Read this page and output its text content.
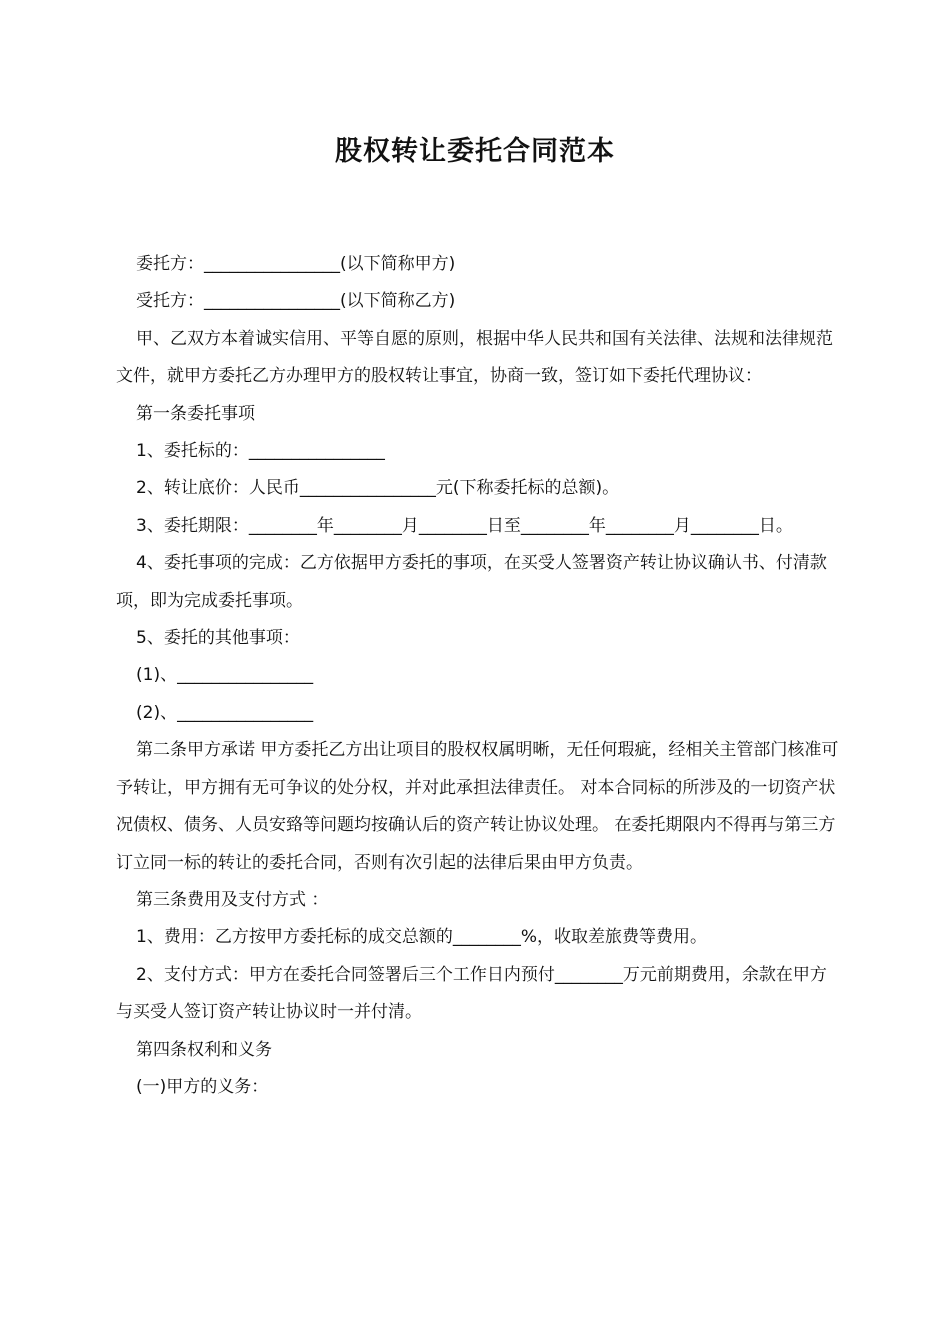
股权转让委托合同范本

委托方：________________(以下简称甲方)

受托方：________________(以下简称乙方)

甲、乙双方本着诚实信用、平等自愿的原则，根据中华人民共和国有关法律、法规和法律规范文件，就甲方委托乙方办理甲方的股权转让事宜，协商一致，签订如下委托代理协议：

第一条委托事项

1、委托标的：________________

2、转让底价：人民币________________元(下称委托标的总额)。

3、委托期限：________年________月________日至________年________月________日。

4、委托事项的完成：乙方依据甲方委托的事项，在买受人签署资产转让协议确认书、付清款项，即为完成委托事项。

5、委托的其他事项：

(1)、________________

(2)、________________

第二条甲方承诺 甲方委托乙方出让项目的股权权属明晰，无任何瑕疵，经相关主管部门核准可予转让，甲方拥有无可争议的处分权，并对此承担法律责任。 对本合同标的所涉及的一切资产状况债权、债务、人员安臵等问题均按确认后的资产转让协议处理。 在委托期限内不得再与第三方订立同一标的转让的委托合同，否则有次引起的法律后果由甲方负责。

第三条费用及支付方式 ：

1、费用：乙方按甲方委托标的成交总额的________%，收取差旅费等费用。

2、支付方式：甲方在委托合同签署后三个工作日内预付________万元前期费用，余款在甲方与买受人签订资产转让协议时一并付清。

第四条权利和义务

(一)甲方的义务：
